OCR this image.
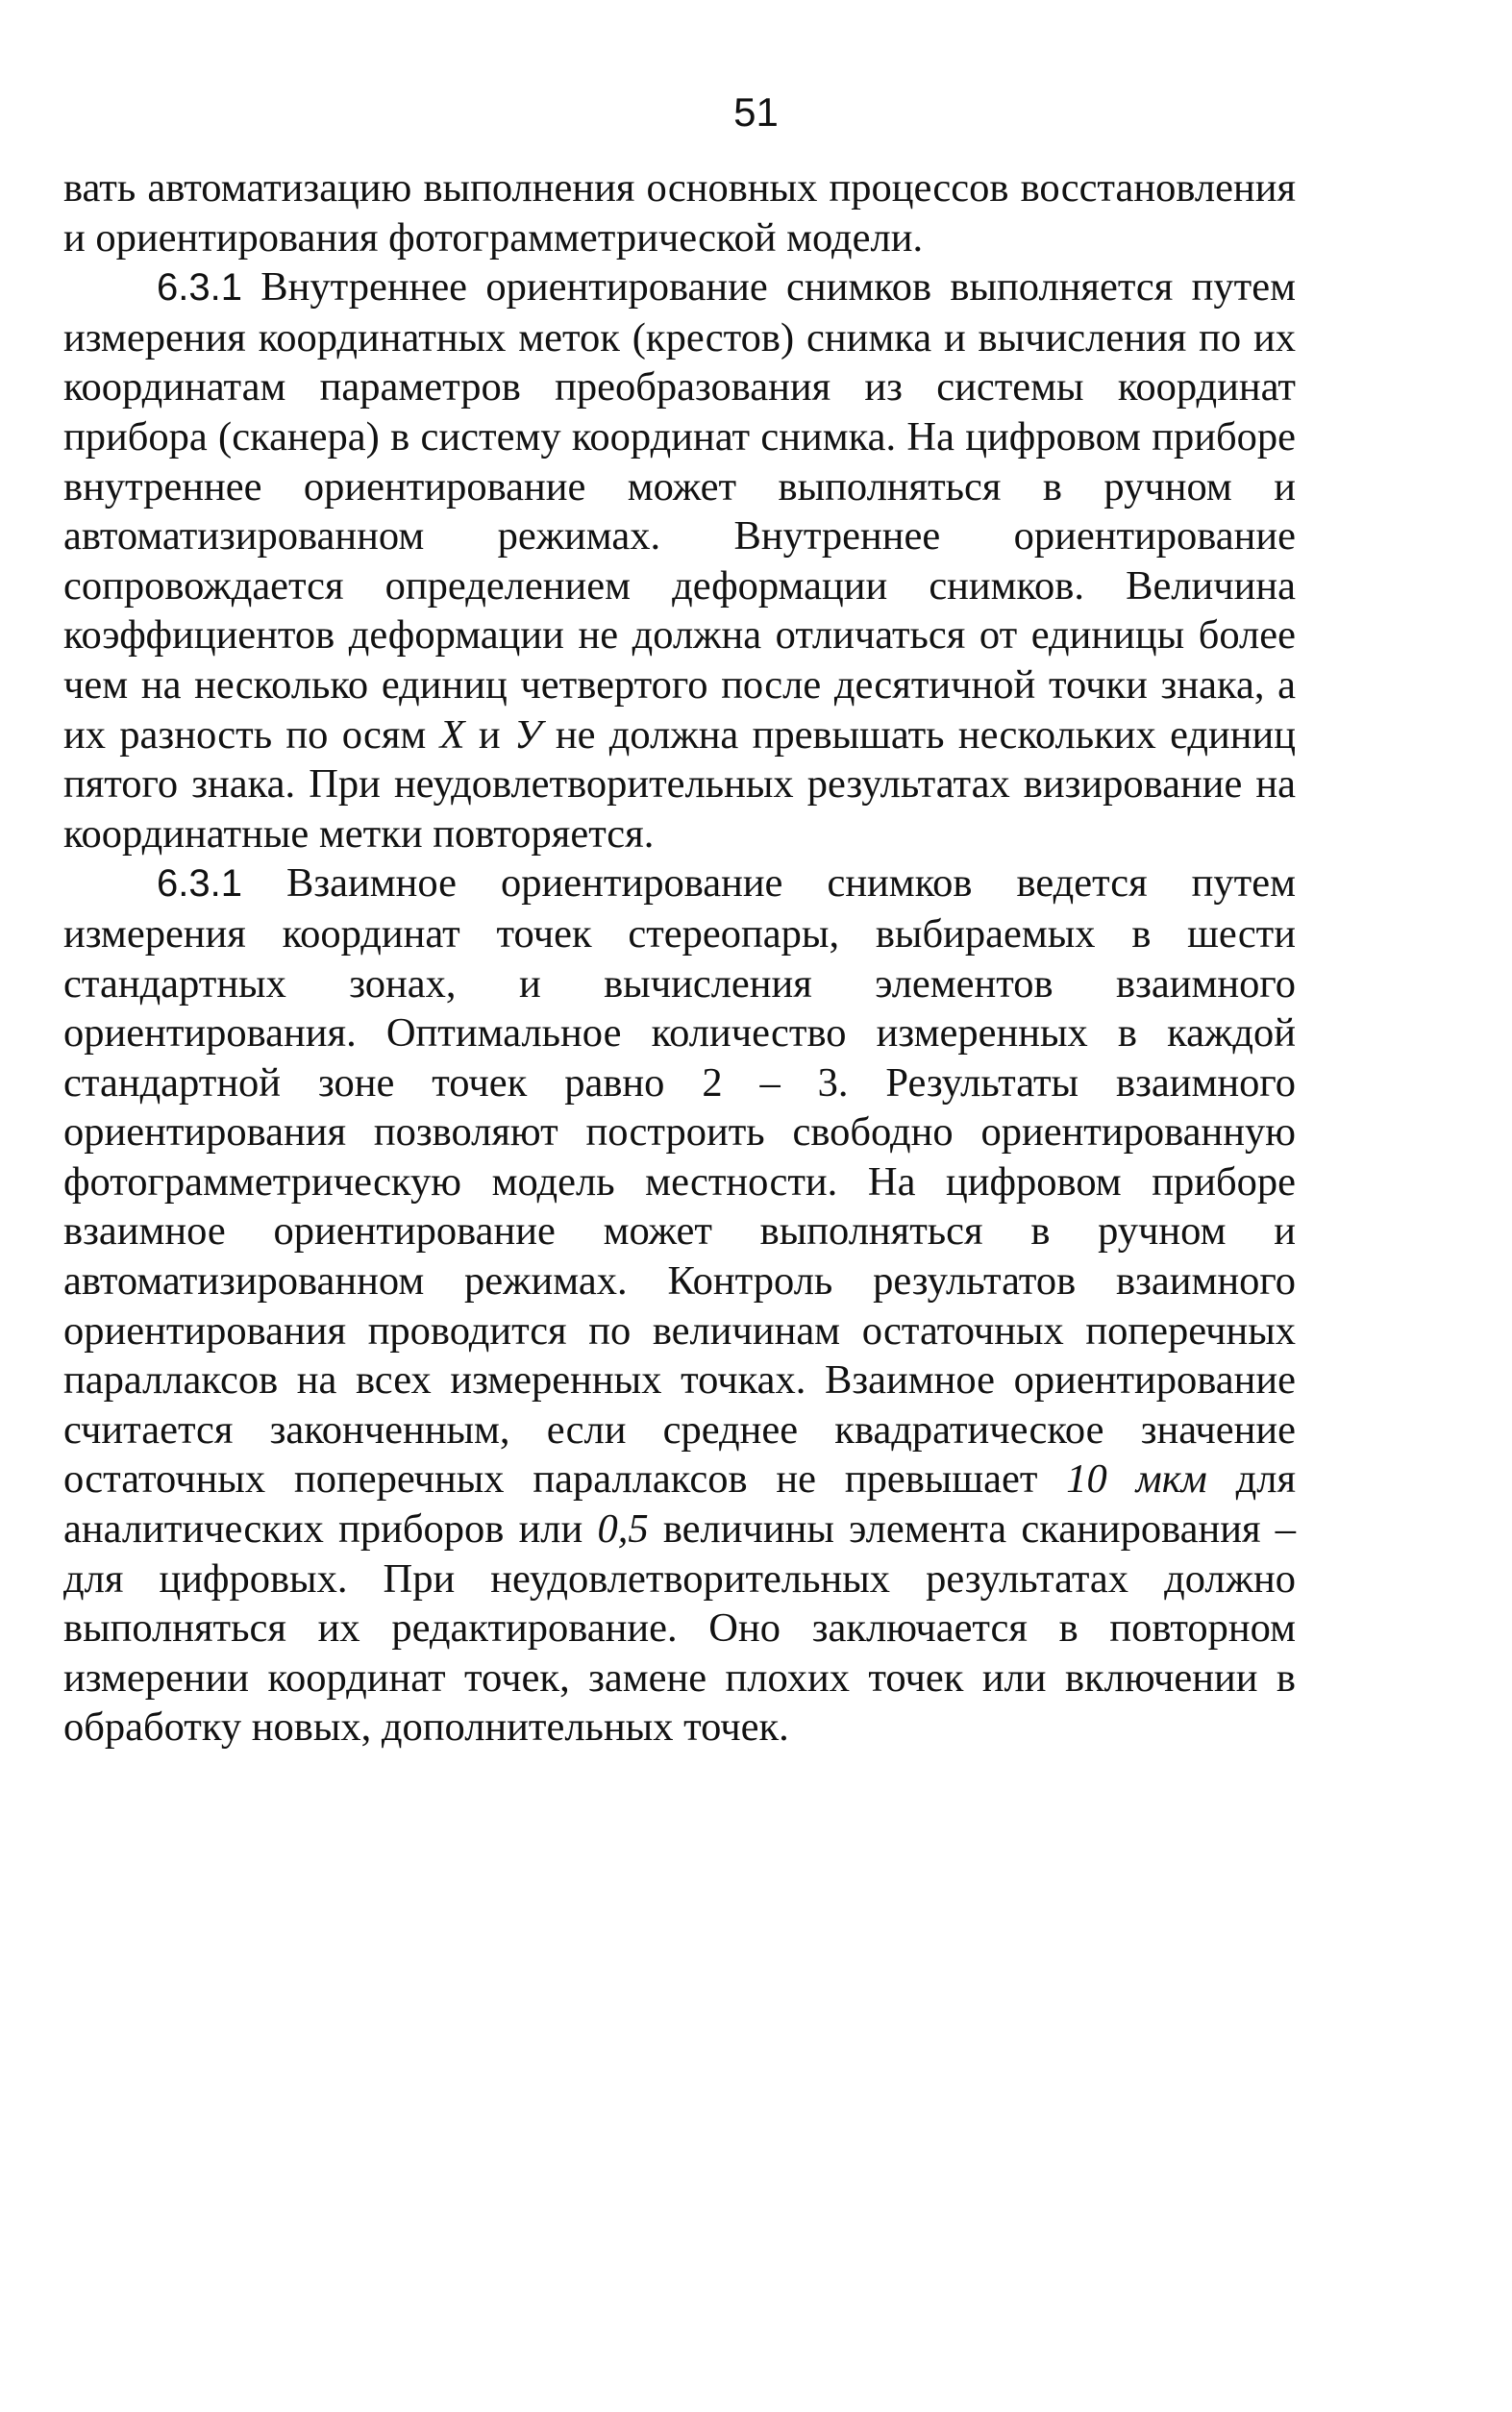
51

вать автоматизацию выполнения основных процессов восстановления и ориентирования фотограмметрической модели.

6.3.1 Внутреннее ориентирование снимков выполняется путем измерения координатных меток (крестов) снимка и вычисления по их координатам параметров преобразования из системы координат прибора (сканера) в систему координат снимка. На цифровом приборе внутреннее ориентирование может выполняться в ручном и автоматизированном режимах. Внутреннее ориентирование сопровождается определением деформации снимков. Величина коэффициентов деформации не должна отличаться от единицы более чем на несколько единиц четвертого после десятичной точки знака, а их разность по осям X и У не должна превышать нескольких единиц пятого знака. При неудовлетворительных результатах визирование на координатные метки повторяется.

6.3.1 Взаимное ориентирование снимков ведется путем измерения координат точек стереопары, выбираемых в шести стандартных зонах, и вычисления элементов взаимного ориентирования. Оптимальное количество измеренных в каждой стандартной зоне точек равно 2 – 3. Результаты взаимного ориентирования позволяют построить свободно ориентированную фотограмметрическую модель местности. На цифровом приборе взаимное ориентирование может выполняться в ручном и автоматизированном режимах. Контроль результатов взаимного ориентирования проводится по величинам остаточных поперечных параллаксов на всех измеренных точках. Взаимное ориентирование считается законченным, если среднее квадратическое значение остаточных поперечных параллаксов не превышает 10 мкм для аналитических приборов или 0,5 величины элемента сканирования – для цифровых. При неудовлетворительных результатах должно выполняться их редактирование. Оно заключается в повторном измерении координат точек, замене плохих точек или включении в обработку новых, дополнительных точек.
